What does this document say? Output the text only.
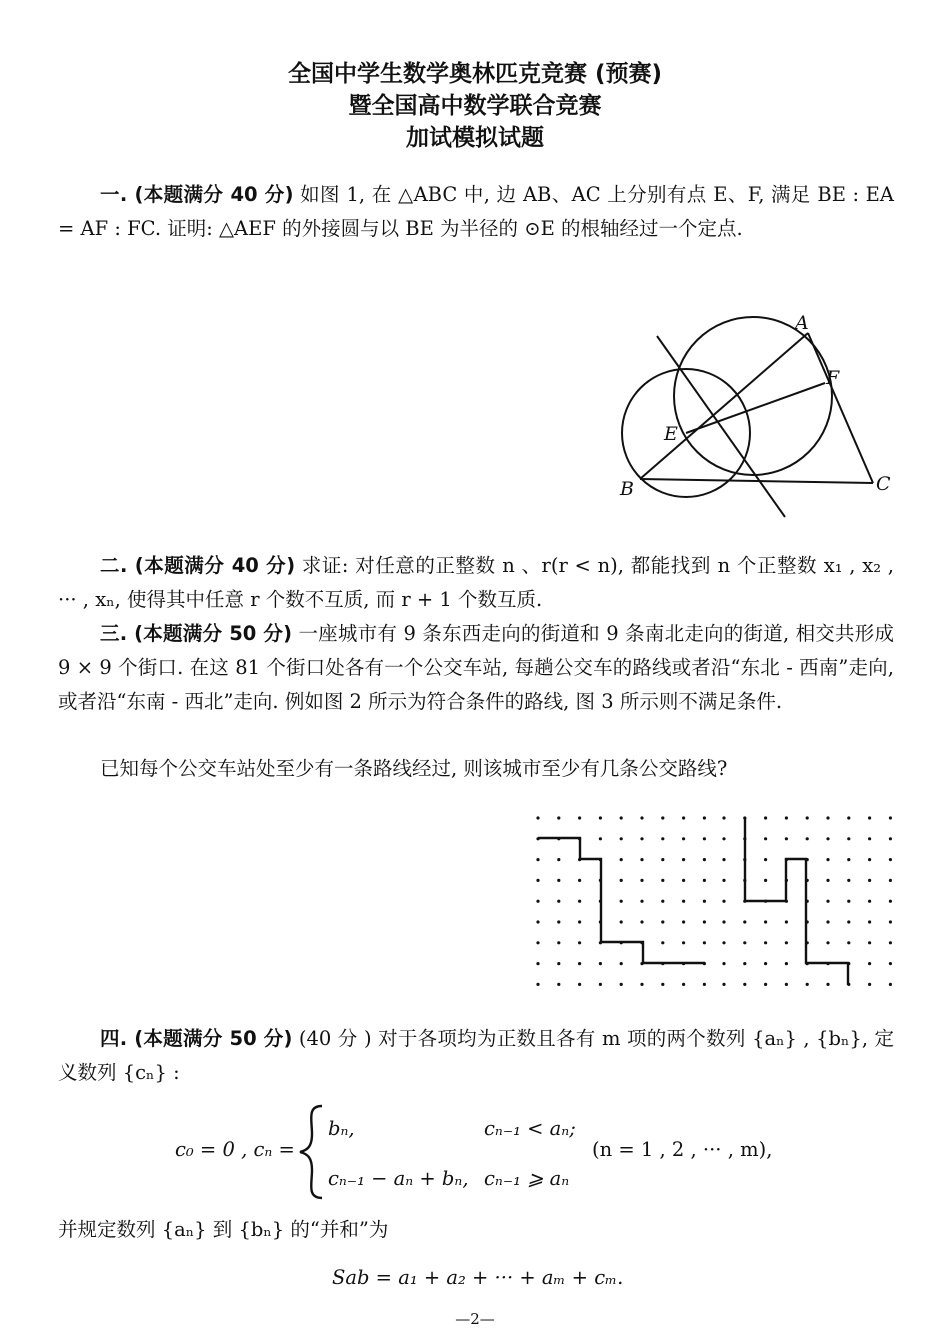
全国中学生数学奥林匹克竞赛 (预赛)
暨全国高中数学联合竞赛
加试模拟试题
一. (本题满分 40 分) 如图 1, 在 △ABC 中, 边 AB、AC 上分别有点 E、F, 满足 BE : EA = AF : FC. 证明: △AEF 的外接圆与以 BE 为半径的 ⊙E 的根轴经过一个定点.
A
F
E
B	C
二. (本题满分 40 分) 求证: 对任意的正整数 n 、r(r < n), 都能找到 n 个正整数 x₁ , x₂ , ··· , xₙ, 使得其中任意 r 个数不互质, 而 r + 1 个数互质.
三. (本题满分 50 分) 一座城市有 9 条东西走向的街道和 9 条南北走向的街道, 相交共形成 9 × 9 个街口. 在这 81 个街口处各有一个公交车站, 每趟公交车的路线或者沿“东北 - 西南”走向, 或者沿“东南 - 西北”走向. 例如图 2 所示为符合条件的路线, 图 3 所示则不满足条件.
已知每个公交车站处至少有一条路线经过, 则该城市至少有几条公交路线?
四. (本题满分 50 分) (40 分 ) 对于各项均为正数且各有 m 项的两个数列 {aₙ} , {bₙ}, 定义数列 {cₙ} :
c₀ = 0 , cₙ =
bₙ,	cₙ₋₁ < aₙ;
cₙ₋₁ − aₙ + bₙ, cₙ₋₁ ⩾ aₙ
(n = 1 , 2 , ··· , m),
并规定数列 {aₙ} 到 {bₙ} 的“并和”为
Sab = a₁ + a₂ + ··· + aₘ + cₘ.
—2—
